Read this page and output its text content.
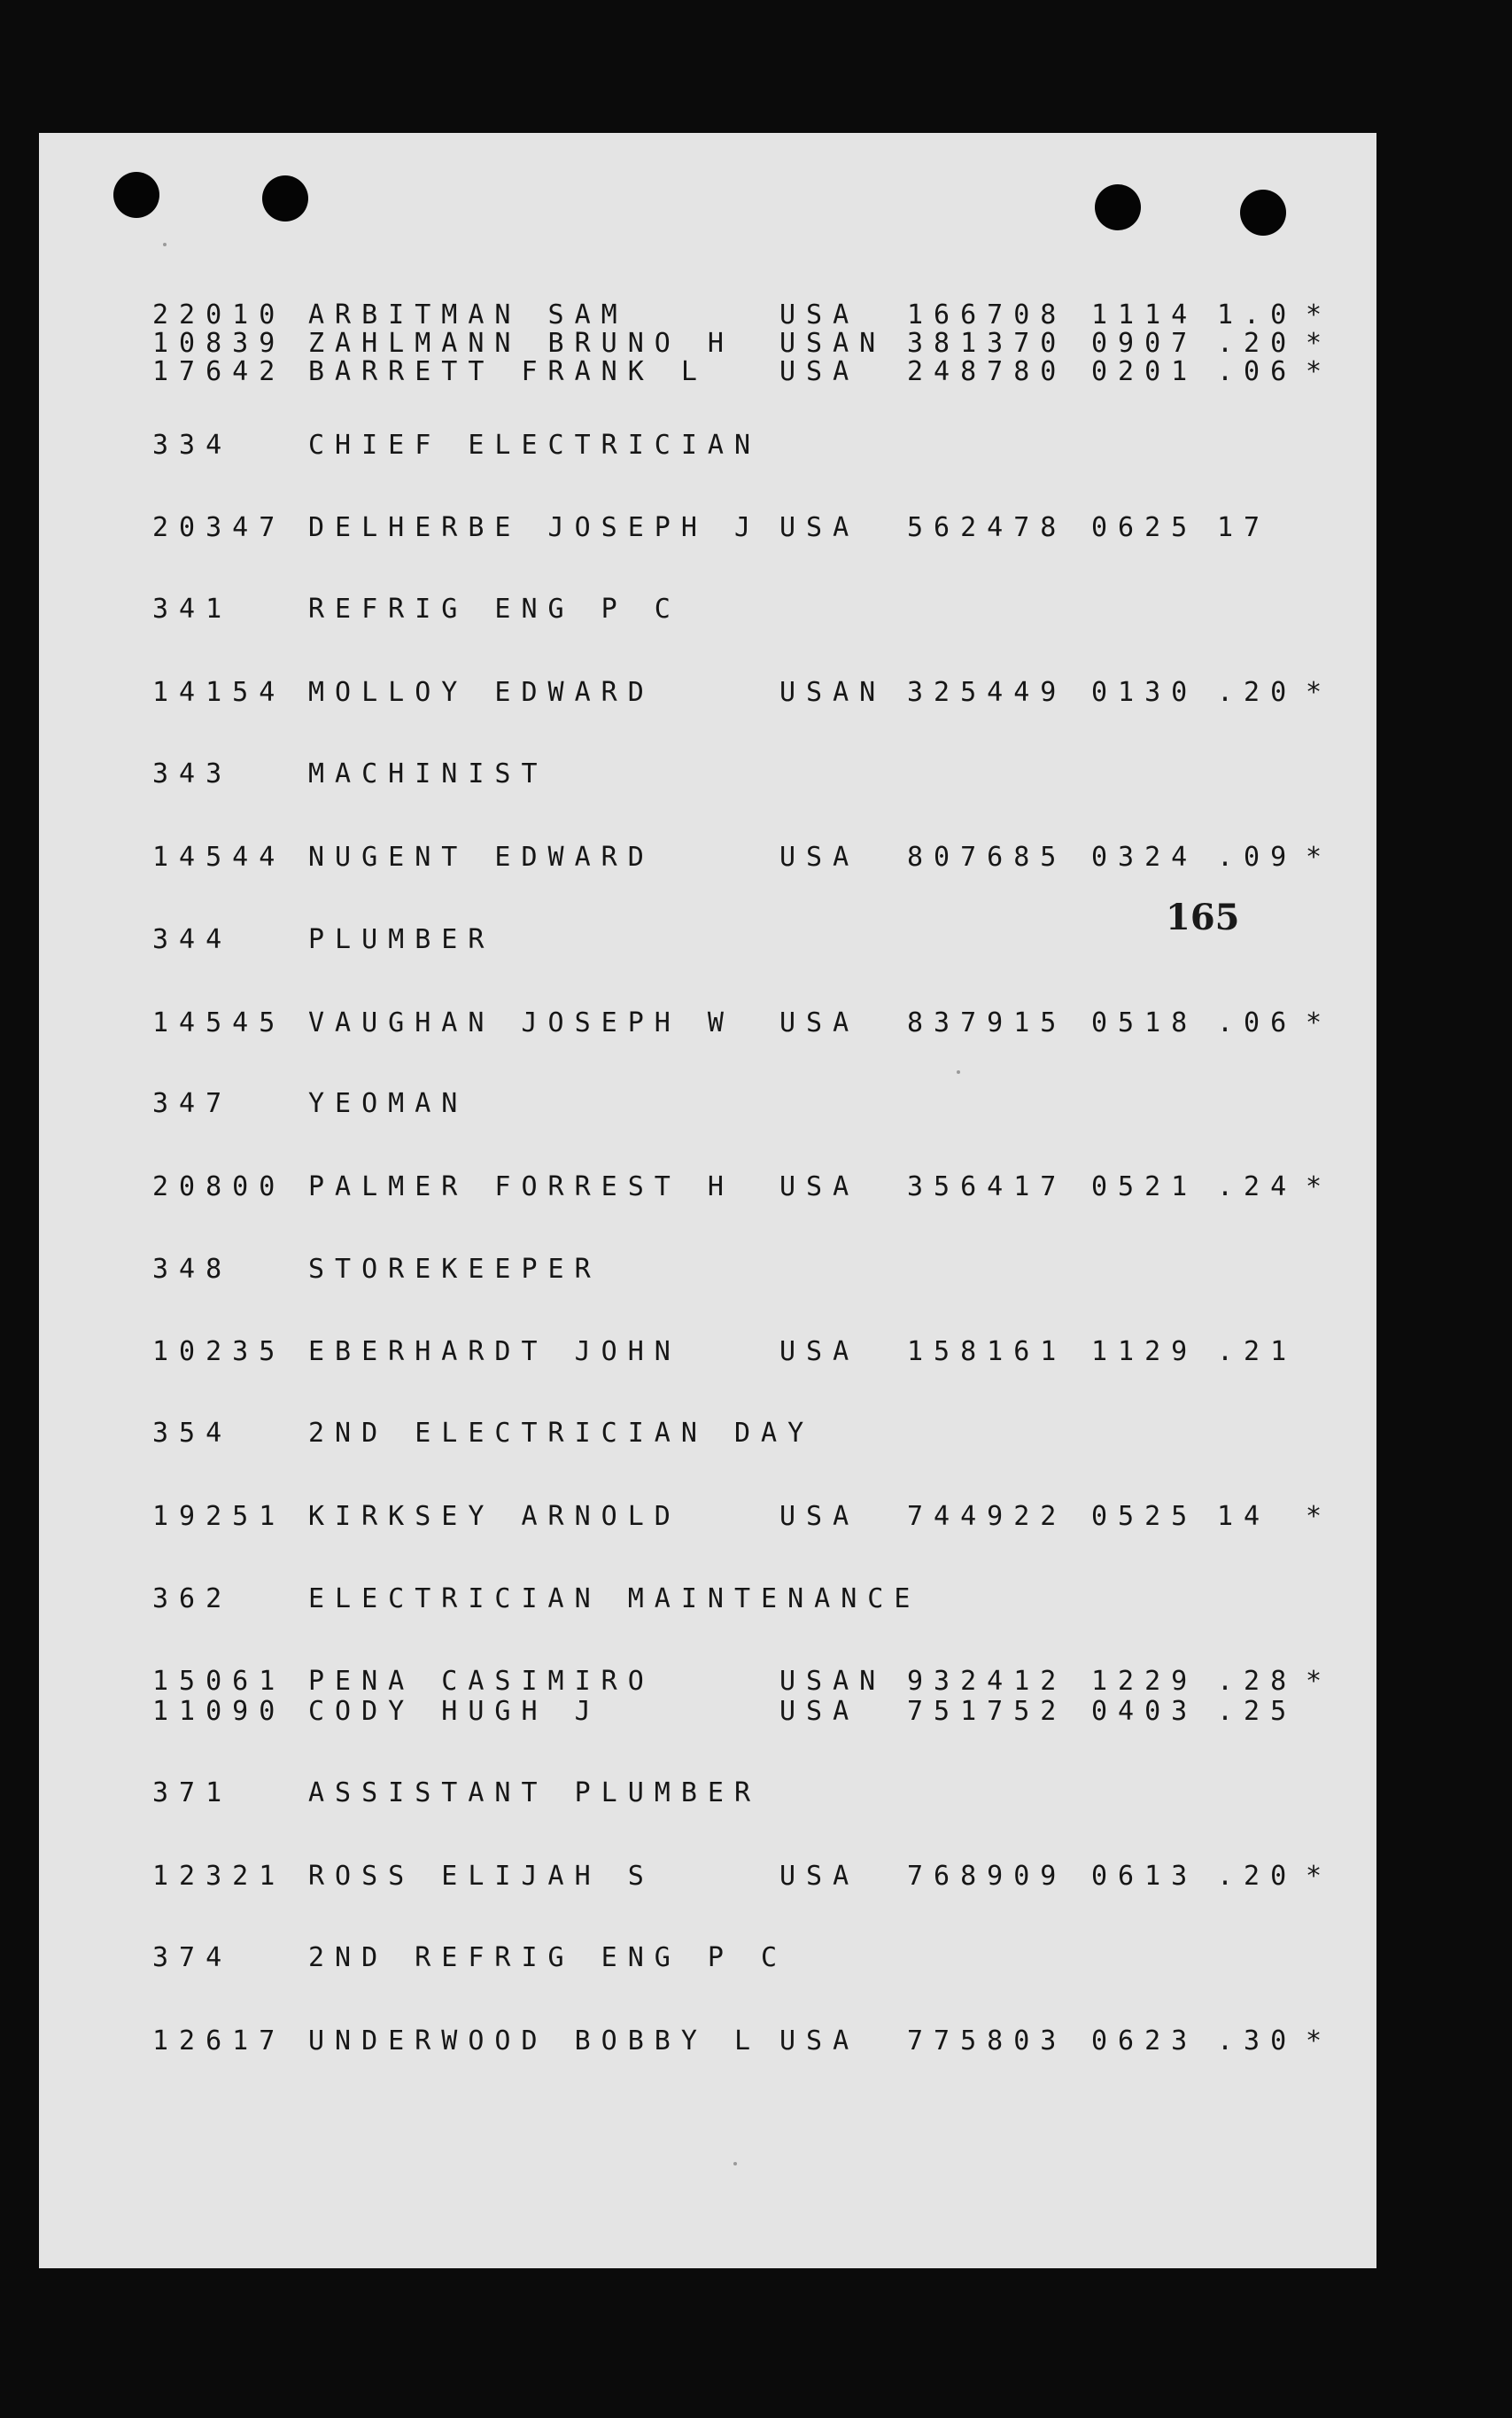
165
22010 ARBITMAN SAM	USA 166708 1114 1.0 *
10839 ZAHLMANN BRUNO H USAN 381370 0907 .20 *
17642 BARRETT FRANK L	USA 248780 0201 .06 *
334	CHIEF ELECTRICIAN
20347 DELHERBE JOSEPH J USA 562478 0625 17
341	REFRIG ENG P C
14154 MOLLOY EDWARD	USAN 325449 0130 .20 *
343	MACHINIST
14544 NUGENT EDWARD	USA 807685 0324 .09 *
344	PLUMBER
14545 VAUGHAN JOSEPH W USA 837915 0518 .06 *
347	YEOMAN
20800 PALMER FORREST H USA 356417 0521 .24 *
348	STOREKEEPER
10235 EBERHARDT JOHN	USA 158161 1129 .21
354	2ND ELECTRICIAN DAY
19251 KIRKSEY ARNOLD	USA 744922 0525 14 *
362	ELECTRICIAN MAINTENANCE
15061 PENA CASIMIRO	USAN 932412 1229 .28 *
11090 CODY HUGH J	USA 751752 0403 .25
371	ASSISTANT PLUMBER
12321 ROSS ELIJAH S	USA 768909 0613 .20 *
374	2ND REFRIG ENG P C
12617 UNDERWOOD BOBBY L USA 775803 0623 .30 *
